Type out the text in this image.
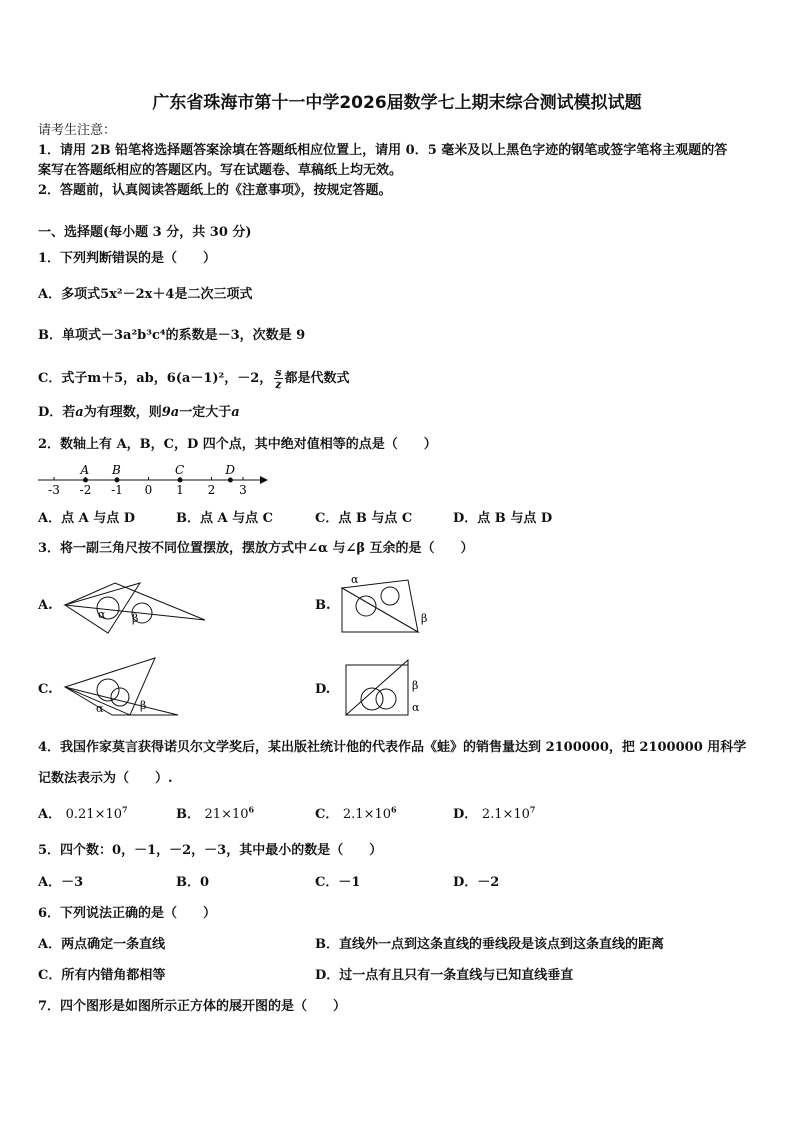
广东省珠海市第十一中学2026届数学七上期末综合测试模拟试题
请考生注意：
1．请用 2B 铅笔将选择题答案涂填在答题纸相应位置上，请用 0．5 毫米及以上黑色字迹的钢笔或签字笔将主观题的答
案写在答题纸相应的答题区内。写在试题卷、草稿纸上均无效。
2．答题前，认真阅读答题纸上的《注意事项》，按规定答题。
一、选择题(每小题 3 分，共 30 分)
1．下列判断错误的是（　　）
A．多项式5x²－2x＋4是二次三项式
B．单项式－3a²b³c⁴的系数是－3，次数是 9
C．式子m＋5，ab，6(a－1)²，－2， $\frac{s}{z}$ 都是代数式
D．若a为有理数，则9a一定大于a
2．数轴上有 A，B，C，D 四个点，其中绝对值相等的点是（　　）
-3 -2 -1 0 1 2 3
A B	C	D
A．点 A 与点 D	B．点 A 与点 C	C．点 B 与点 C	D．点 B 与点 D
3．将一副三角尺按不同位置摆放，摆放方式中∠α 与∠β 互余的是（　　）
A.
α β
B.
α
β
C.
α	β
D.	β
α
4．我国作家莫言获得诺贝尔文学奖后，某出版社统计他的代表作品《蛙》的销售量达到 2100000，把 2100000 用科学
记数法表示为（　　）.
A． $0.21\times 10^7$	B． $21\times 10^6$	C． $2.1\times 10^6$	D． $2.1\times 10^7$
5．四个数：0，－1，－2，－3，其中最小的数是（　　）
A．－3	B．0	C．－1	D．－2
6．下列说法正确的是（　　）
A．两点确定一条直线	B．直线外一点到这条直线的垂线段是该点到这条直线的距离
C．所有内错角都相等	D．过一点有且只有一条直线与已知直线垂直
7．四个图形是如图所示正方体的展开图的是（　　）
